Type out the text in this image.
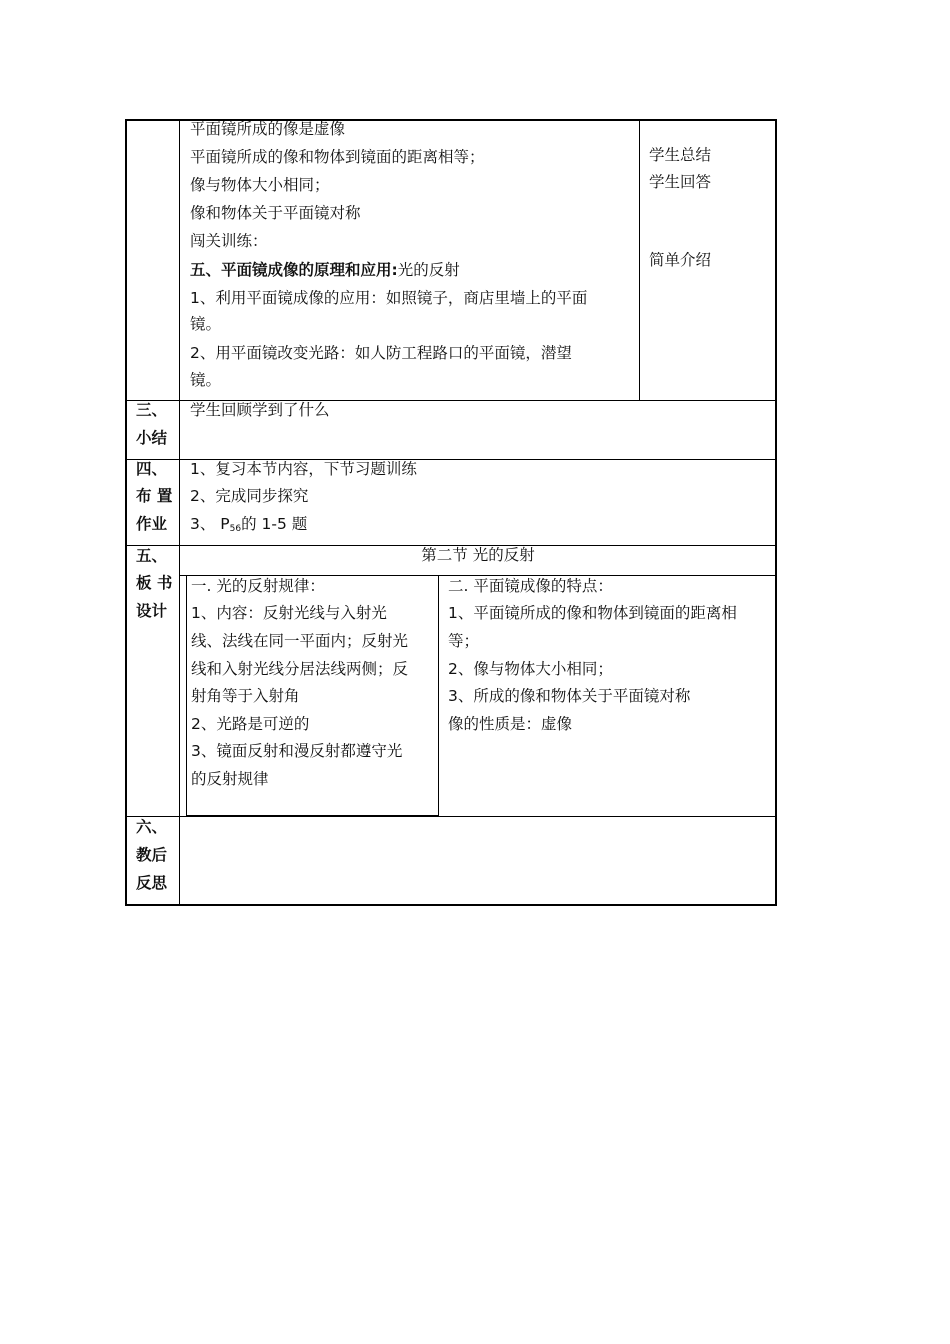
平面镜所成的像是虚像
平面镜所成的像和物体到镜面的距离相等；
像与物体大小相同；
像和物体关于平面镜对称
闯关训练：
五、平面镜成像的原理和应用:光的反射
1、利用平面镜成像的应用：如照镜子，商店里墙上的平面
镜。
2、用平面镜改变光路：如人防工程路口的平面镜，潜望
镜。
学生总结
学生回答
简单介绍
三、
小结
学生回顾学到了什么
四、
布 置
作业
1、复习本节内容，下节习题训练
2、完成同步探究
3、 $P_{56}$的 1-5 题
五、
板 书
设计
第二节 光的反射
一. 光的反射规律：
1、内容：反射光线与入射光
线、法线在同一平面内；反射光
线和入射光线分居法线两侧；反
射角等于入射角
2、光路是可逆的
3、镜面反射和漫反射都遵守光
的反射规律
二. 平面镜成像的特点：
1、平面镜所成的像和物体到镜面的距离相
等；
2、像与物体大小相同；
3、所成的像和物体关于平面镜对称
像的性质是：虚像
六、
教后
反思
